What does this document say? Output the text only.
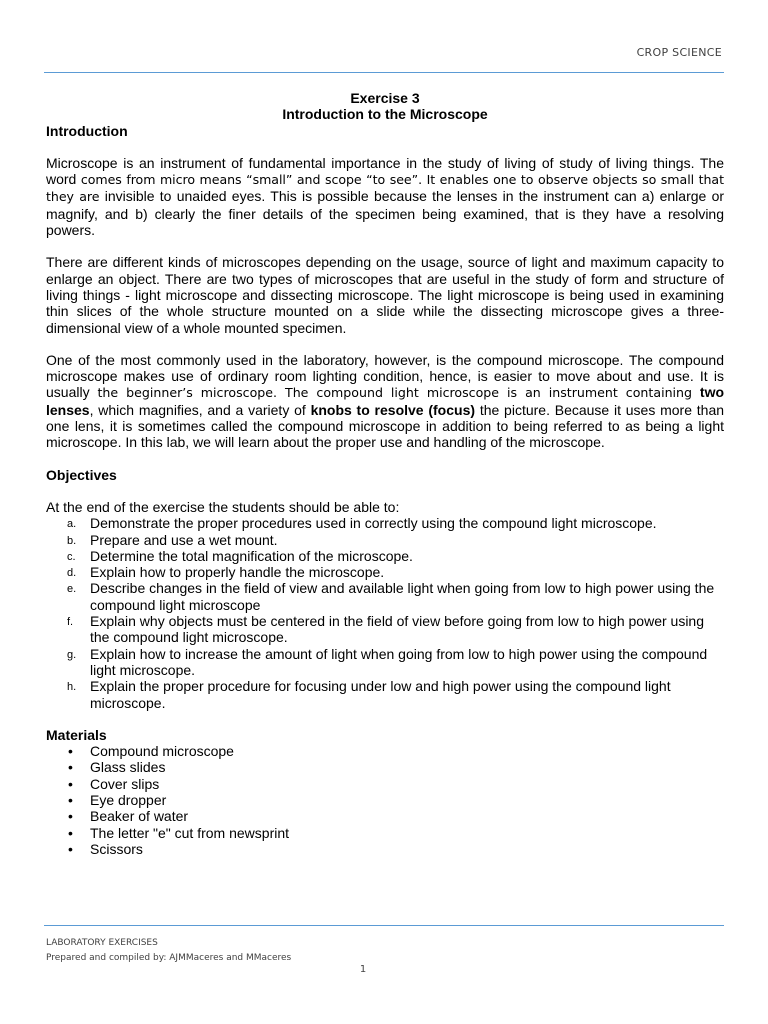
CROP SCIENCE

Exercise 3

Introduction to the Microscope

Introduction

Microscope is an instrument of fundamental importance in the study of living of study of living things. The word comes from micro means “small” and scope “to see”. It enables one to observe objects so small that they are invisible to unaided eyes. This is possible because the lenses in the instrument can a) enlarge or magnify, and b) clearly the finer details of the specimen being examined, that is they have a resolving powers.

There are different kinds of microscopes depending on the usage, source of light and maximum capacity to enlarge an object. There are two types of microscopes that are useful in the study of form and structure of living things - light microscope and dissecting microscope. The light microscope is being used in examining thin slices of the whole structure mounted on a slide while the dissecting microscope gives a three-dimensional view of a whole mounted specimen.

One of the most commonly used in the laboratory, however, is the compound microscope. The compound microscope makes use of ordinary room lighting condition, hence, is easier to move about and use. It is usually the beginner’s microscope. The compound light microscope is an instrument containing two lenses, which magnifies, and a variety of knobs to resolve (focus) the picture. Because it uses more than one lens, it is sometimes called the compound microscope in addition to being referred to as being a light microscope. In this lab, we will learn about the proper use and handling of the microscope.

Objectives

At the end of the exercise the students should be able to:

a. Demonstrate the proper procedures used in correctly using the compound light microscope.
b. Prepare and use a wet mount.
c. Determine the total magnification of the microscope.
d. Explain how to properly handle the microscope.
e. Describe changes in the field of view and available light when going from low to high power using the compound light microscope
f. Explain why objects must be centered in the field of view before going from low to high power using the compound light microscope.
g. Explain how to increase the amount of light when going from low to high power using the compound light microscope.
h. Explain the proper procedure for focusing under low and high power using the compound light microscope.
Materials
• Compound microscope
• Glass slides
• Cover slips
• Eye dropper
• Beaker of water
• The letter "e" cut from newsprint
• Scissors
LABORATORY EXERCISES
Prepared and compiled by: AJMMaceres and MMaceres
1
